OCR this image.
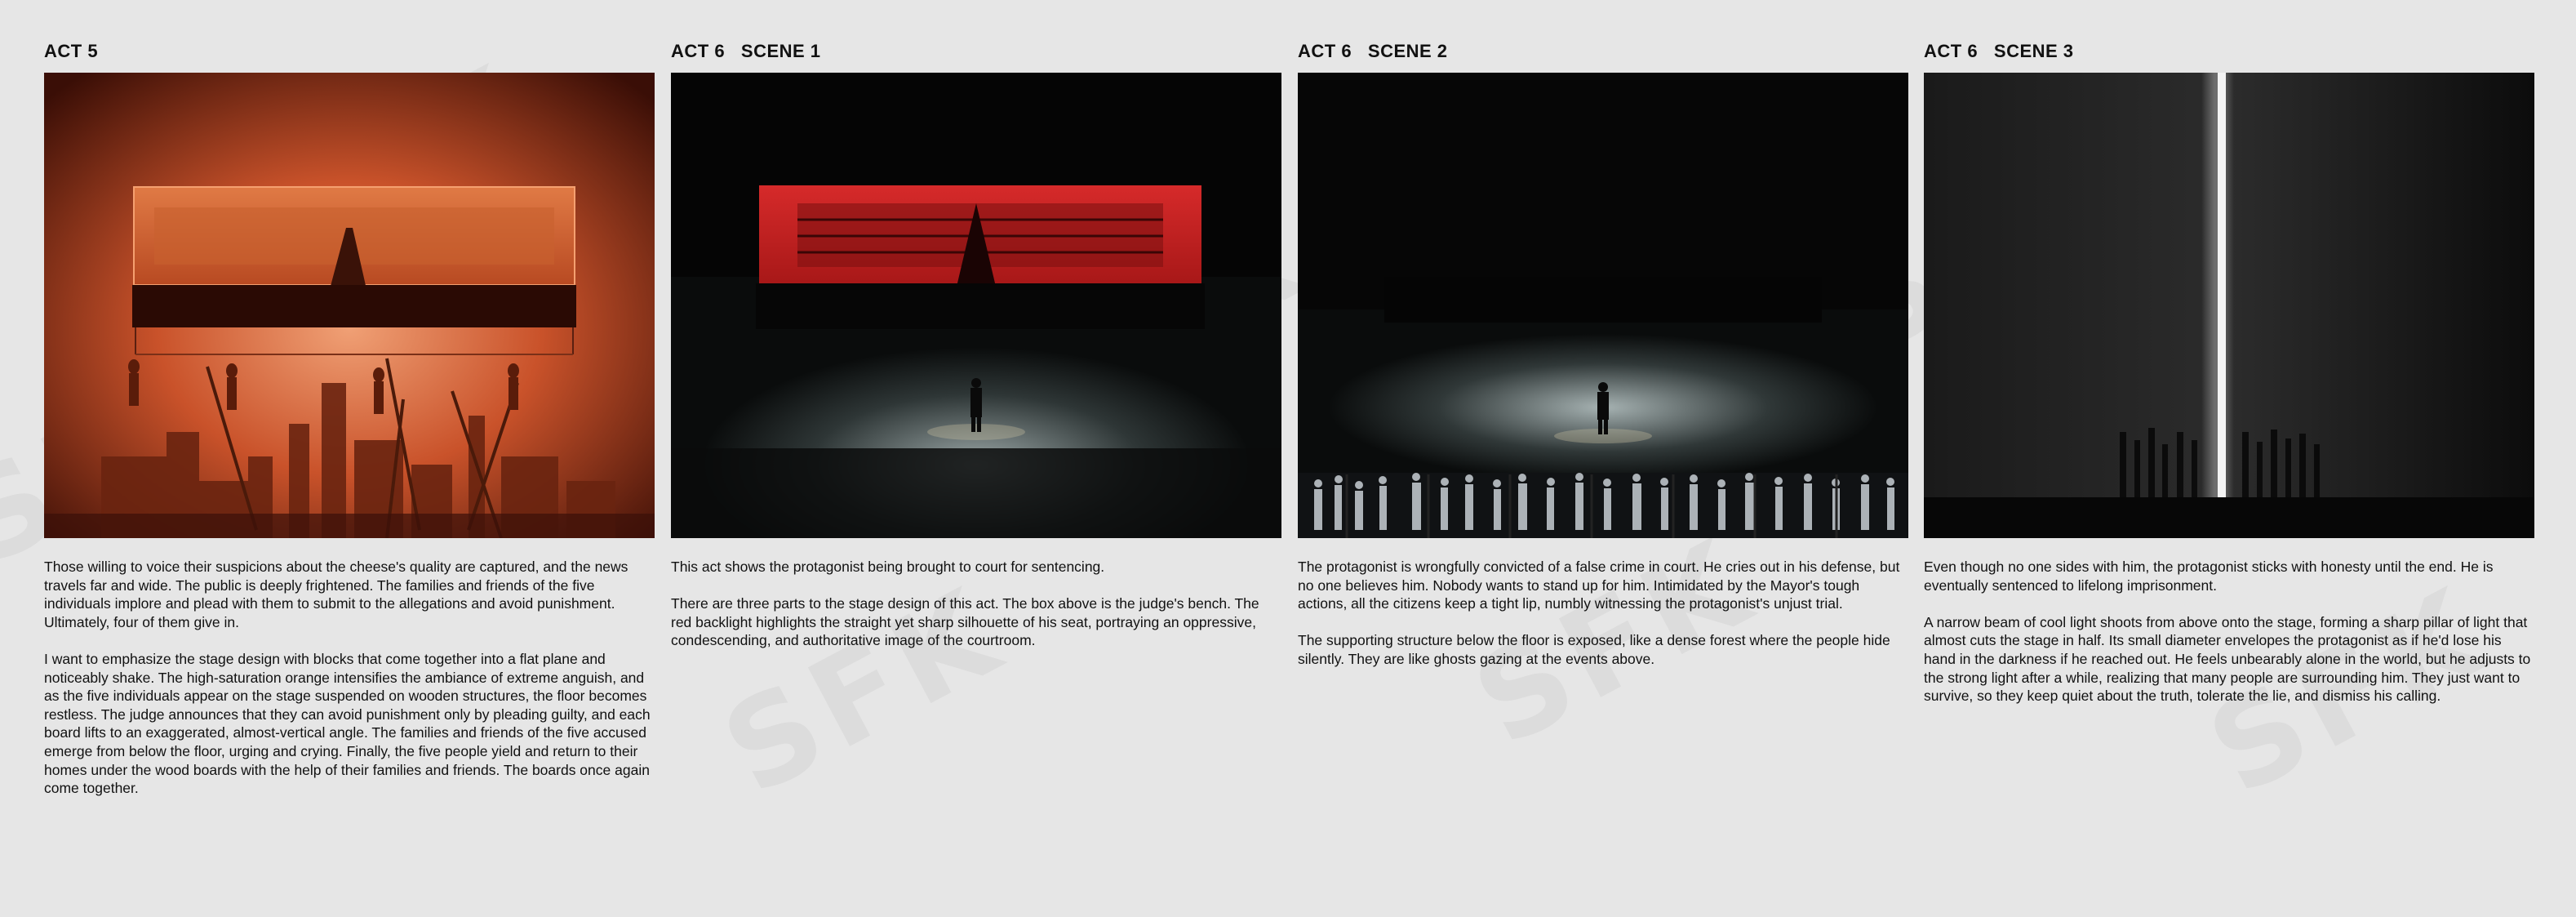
ACT 5

Those willing to voice their suspicions about the cheese's quality are captured, and the news travels far and wide. The public is deeply frightened. The families and friends of the five individuals implore and plead with them to submit to the allegations and avoid punishment. Ultimately, four of them give in.

I want to emphasize the stage design with blocks that come together into a flat plane and noticeably shake. The high-saturation orange intensifies the ambiance of extreme anguish, and as the five individuals appear on the stage suspended on wooden structures, the floor becomes restless. The judge announces that they can avoid punishment only by pleading guilty, and each board lifts to an exaggerated, almost-vertical angle. The families and friends of the five accused emerge from below the floor, urging and crying. Finally, the five people yield and return to their homes under the wood boards with the help of their families and friends. The boards once again come together.

ACT 6   SCENE 1

This act shows the protagonist being brought to court for sentencing.

There are three parts to the stage design of this act. The box above is the judge's bench. The red backlight highlights the straight yet sharp silhouette of his seat, portraying an oppressive, condescending, and authoritative image of the courtroom.

ACT 6   SCENE 2

The protagonist is wrongfully convicted of a false crime in court. He cries out in his defense, but no one believes him. Nobody wants to stand up for him. Intimidated by the Mayor's tough actions, all the citizens keep a tight lip, numbly witnessing the protagonist's unjust trial.

The supporting structure below the floor is exposed, like a dense forest where the people hide silently. They are like ghosts gazing at the events above.

ACT 6   SCENE 3

Even though no one sides with him, the protagonist sticks with honesty until the end. He is eventually sentenced to lifelong imprisonment.

A narrow beam of cool light shoots from above onto the stage, forming a sharp pillar of light that almost cuts the stage in half. Its small diameter envelopes the protagonist as if he'd lose his hand in the darkness if he reached out. He feels unbearably alone in the world, but he adjusts to the strong light after a while, realizing that many people are surrounding him. They just want to survive, so they keep quiet about the truth, tolerate the lie, and dismiss his calling.
